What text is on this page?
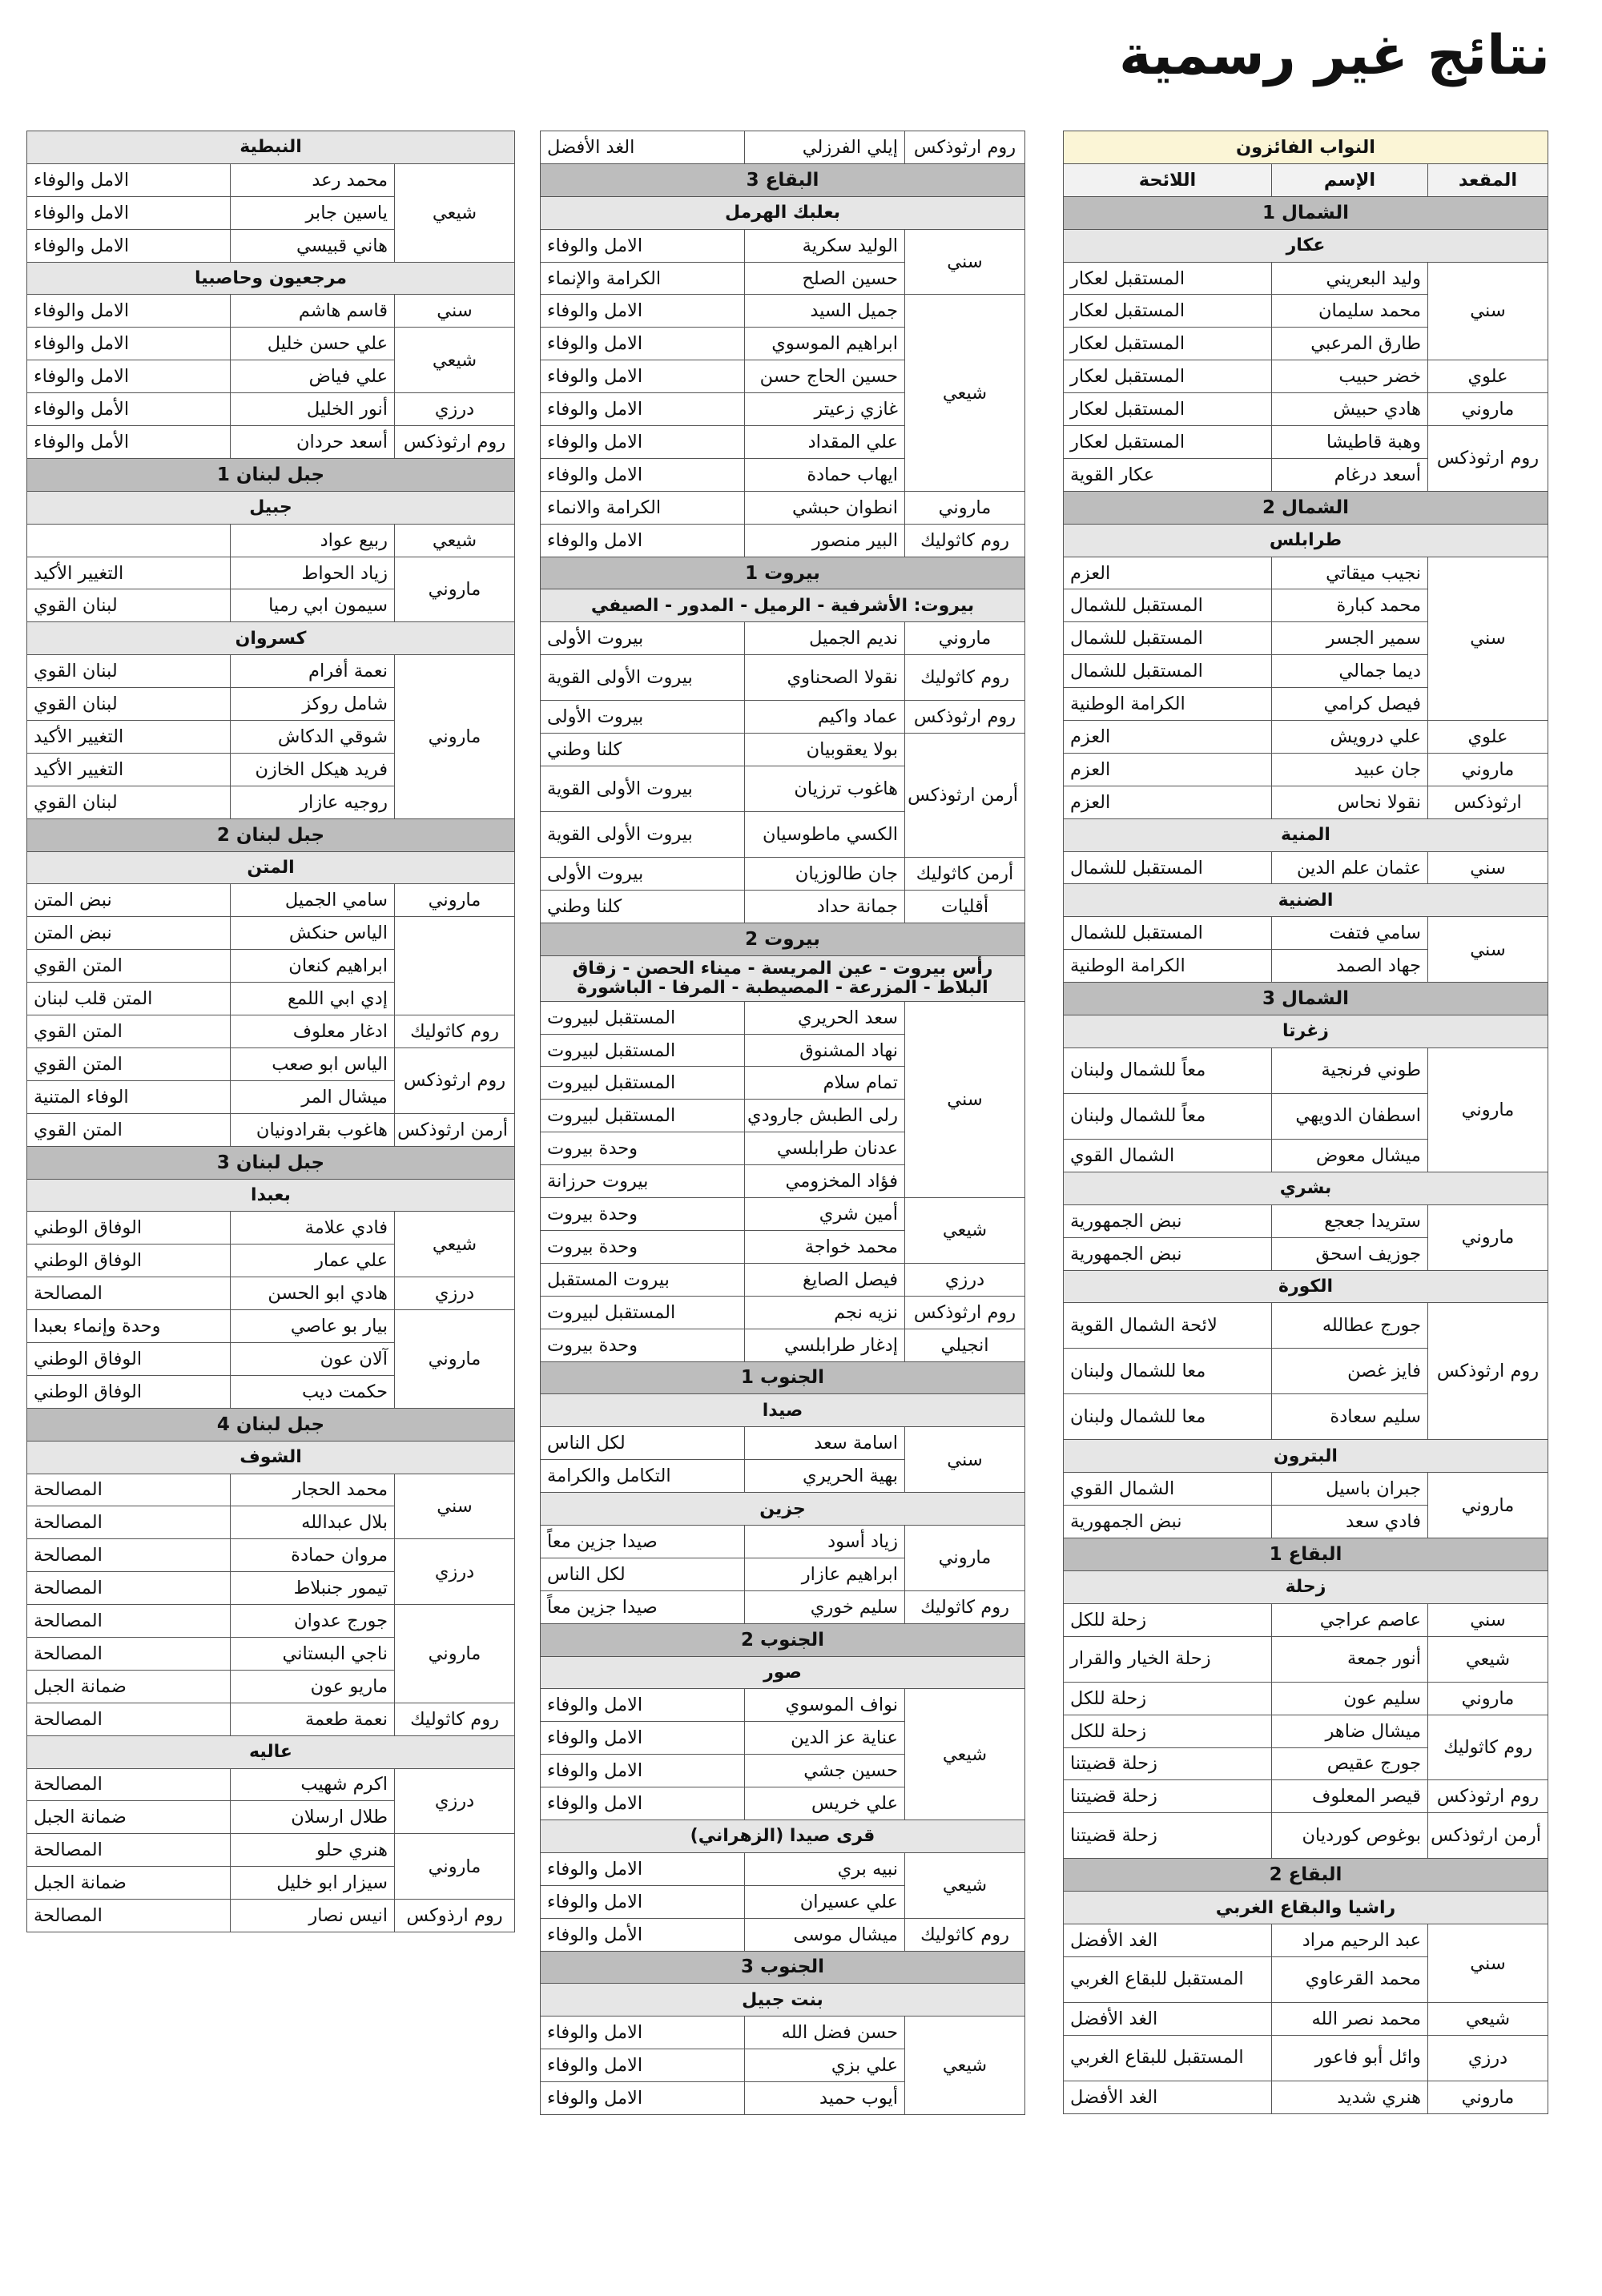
نتائج غير رسمية
النواب الفائزون		
المقعد	الإسم	اللائحة
الشمال 1		
عكار		
سني	وليد البعريني	المستقبل لعكار
	محمد سليمان	المستقبل لعكار
	طارق المرعبي	المستقبل لعكار
علوي	خضر حبيب	المستقبل لعكار
ماروني	هادي حبيش	المستقبل لعكار
روم ارثوذكس	وهبة قاطيشا	المستقبل لعكار
	أسعد درغام	عكار القوية
الشمال 2		
طرابلس		
سني	نجيب ميقاتي	العزم
	محمد كبارة	المستقبل للشمال
	سمير الجسر	المستقبل للشمال
	ديما جمالي	المستقبل للشمال
	فيصل كرامي	الكرامة الوطنية
علوي	علي درويش	العزم
ماروني	جان عبيد	العزم
ارثوذكس	نقولا نحاس	العزم
المنية		
سني	عثمان علم الدين	المستقبل للشمال
الضنية		
سني	سامي فتفت	المستقبل للشمال
	جهاد الصمد	الكرامة الوطنية
الشمال 3		
زغرتا		
ماروني	طوني فرنجية	معاً للشمال ولبنان
	اسطفان الدويهي	معاً للشمال ولبنان
	ميشال معوض	الشمال القوي
بشري		
ماروني	ستريدا جعجع	نبض الجمهورية
	جوزيف اسحق	نبض الجمهورية
الكورة		
روم ارثوذكس	جورج عطالله	لائحة الشمال القوية
	فايز غصن	معا للشمال ولبنان
	سليم سعادة	معا للشمال ولبنان
البترون		
ماروني	جبران باسيل	الشمال القوي
	فادي سعد	نبض الجمهورية
البقاع 1		
زحلة		
سني	عاصم عراجي	زحلة للكل
شيعي	أنور جمعة	زحلة الخيار والقرار
ماروني	سليم عون	زحلة للكل
روم كاثوليك	ميشال ضاهر	زحلة للكل
	جورج عقيص	زحلة قضيتنا
روم ارثوذكس	قيصر المعلوف	زحلة قضيتنا
أرمن ارثوذكس	بوغوص كورديان	زحلة قضيتنا
البقاع 2		
راشيا والبقاع الغربي		
سني	عبد الرحيم مراد	الغد الأفضل
	محمد القرعاوي	المستقبل للبقاع الغربي
شيعي	محمد نصر الله	الغد الأفضل
درزي	وائل أبو فاعور	المستقبل للبقاع الغربي
ماروني	هنري شديد	الغد الأفضل
روم ارثوذكس	إيلي الفرزلي	الغد الأفضل
البقاع 3		
بعلبك الهرمل		
سني	الوليد سكرية	الامل والوفاء
	حسين الصلح	الكرامة والإنماء
شيعي	جميل السيد	الامل والوفاء
	ابراهيم الموسوي	الامل والوفاء
	حسين الحاج حسن	الامل والوفاء
	غازي زعيتر	الامل والوفاء
	علي المقداد	الامل والوفاء
	ايهاب حمادة	الامل والوفاء
ماروني	انطوان حبشي	الكرامة والانماء
روم كاثوليك	البير منصور	الامل والوفاء
بيروت 1		
بيروت: الأشرفية - الرميل - المدور - الصيفي		
ماروني	نديم الجميل	بيروت الأولى
روم كاثوليك	نقولا الصحناوي	بيروت الأولى القوية
روم ارثوذكس	عماد واكيم	بيروت الأولى
أرمن ارثوذكس	بولا يعقوبيان	كلنا وطني
	هاغوب ترزيان	بيروت الأولى القوية
	الكسي ماطوسيان	بيروت الأولى القوية
أرمن كاثوليك	جان طالوزيان	بيروت الأولى
أقليات	جمانة حداد	كلنا وطني
بيروت 2		
رأس بيروت - عين المريسة - ميناء الحصن - زقاق البلاط - المزرعة - المصيطبة - المرفا - الباشورة		
سني	سعد الحريري	المستقبل لبيروت
	نهاد المشنوق	المستقبل لبيروت
	تمام سلام	المستقبل لبيروت
	رلى الطبش جارودي	المستقبل لبيروت
	عدنان طرابلسي	وحدة بيروت
	فؤاد المخزومي	بيروت حرزانة
شيعي	أمين شري	وحدة بيروت
	محمد خواجة	وحدة بيروت
درزي	فيصل الصايغ	بيروت المستقبل
روم ارثوذكس	نزيه نجم	المستقبل لبيروت
انجيلي	إدغار طرابلسي	وحدة بيروت
الجنوب 1		
صيدا		
سني	اسامة سعد	لكل الناس
	بهية الحريري	التكامل والكرامة
جزين		
ماروني	زياد أسود	صيدا جزين معاً
	ابراهيم عازار	لكل الناس
روم كاثوليك	سليم خوري	صيدا جزين معاً
الجنوب 2		
صور		
شيعي	نواف الموسوي	الامل والوفاء
	عناية عز الدين	الامل والوفاء
	حسين جشي	الامل والوفاء
	علي خريس	الامل والوفاء
قرى صيدا (الزهراني)		
شيعي	نبيه بري	الامل والوفاء
	علي عسيران	الامل والوفاء
روم كاثوليك	ميشال موسى	الأمل والوفاء
الجنوب 3		
بنت جبيل		
شيعي	حسن فضل الله	الامل والوفاء
	علي بزي	الامل والوفاء
	أيوب حميد	الامل والوفاء
النبطية		
شيعي	محمد رعد	الامل والوفاء
	ياسين جابر	الامل والوفاء
	هاني قبيسي	الامل والوفاء
مرجعيون وحاصبيا		
سني	قاسم هاشم	الامل والوفاء
شيعي	علي حسن خليل	الامل والوفاء
	علي فياض	الامل والوفاء
درزي	أنور الخليل	الأمل والوفاء
روم ارثوذكس	أسعد حردان	الأمل والوفاء
جبل لبنان 1		
جبيل		
شيعي	ربيع عواد	
ماروني	زياد الحواط	التغيير الأكيد
	سيمون ابي رميا	لبنان القوي
كسروان		
ماروني	نعمة أفرام	لبنان القوي
	شامل روكز	لبنان القوي
	شوقي الدكاش	التغيير الأكيد
	فريد هيكل الخازن	التغيير الأكيد
	روجيه عازار	لبنان القوي
جبل لبنان 2		
المتن		
ماروني	سامي الجميل	نبض المتن
	الياس حنكش	نبض المتن
	ابراهيم كنعان	المتن القوي
	إدي ابي اللمع	المتن قلب لبنان
روم كاثوليك	ادغار معلوف	المتن القوي
روم ارثوذكس	الياس ابو صعب	المتن القوي
	ميشال المر	الوفاء المتنية
أرمن ارثوذكس	هاغوب بقرادونيان	المتن القوي
جبل لبنان 3		
بعبدا		
شيعي	فادي علامة	الوفاق الوطني
	علي عمار	الوفاق الوطني
درزي	هادي ابو الحسن	المصالحة
ماروني	بيار بو عاصي	وحدة وإنماء بعبدا
	آلان عون	الوفاق الوطني
	حكمت ديب	الوفاق الوطني
جبل لبنان 4		
الشوف		
سني	محمد الحجار	المصالحة
	بلال عبدالله	المصالحة
درزي	مروان حمادة	المصالحة
	تيمور جنبلاط	المصالحة
ماروني	جورج عدوان	المصالحة
	ناجي البستاني	المصالحة
	ماريو عون	ضمانة الجبل
روم كاثوليك	نعمة طعمة	المصالحة
عاليه		
درزي	اكرم شهيب	المصالحة
	طلال ارسلان	ضمانة الجبل
ماروني	هنري حلو	المصالحة
	سيزار ابو خليل	ضمانة الجبل
روم ارذوكس	انيس نصار	المصالحة
